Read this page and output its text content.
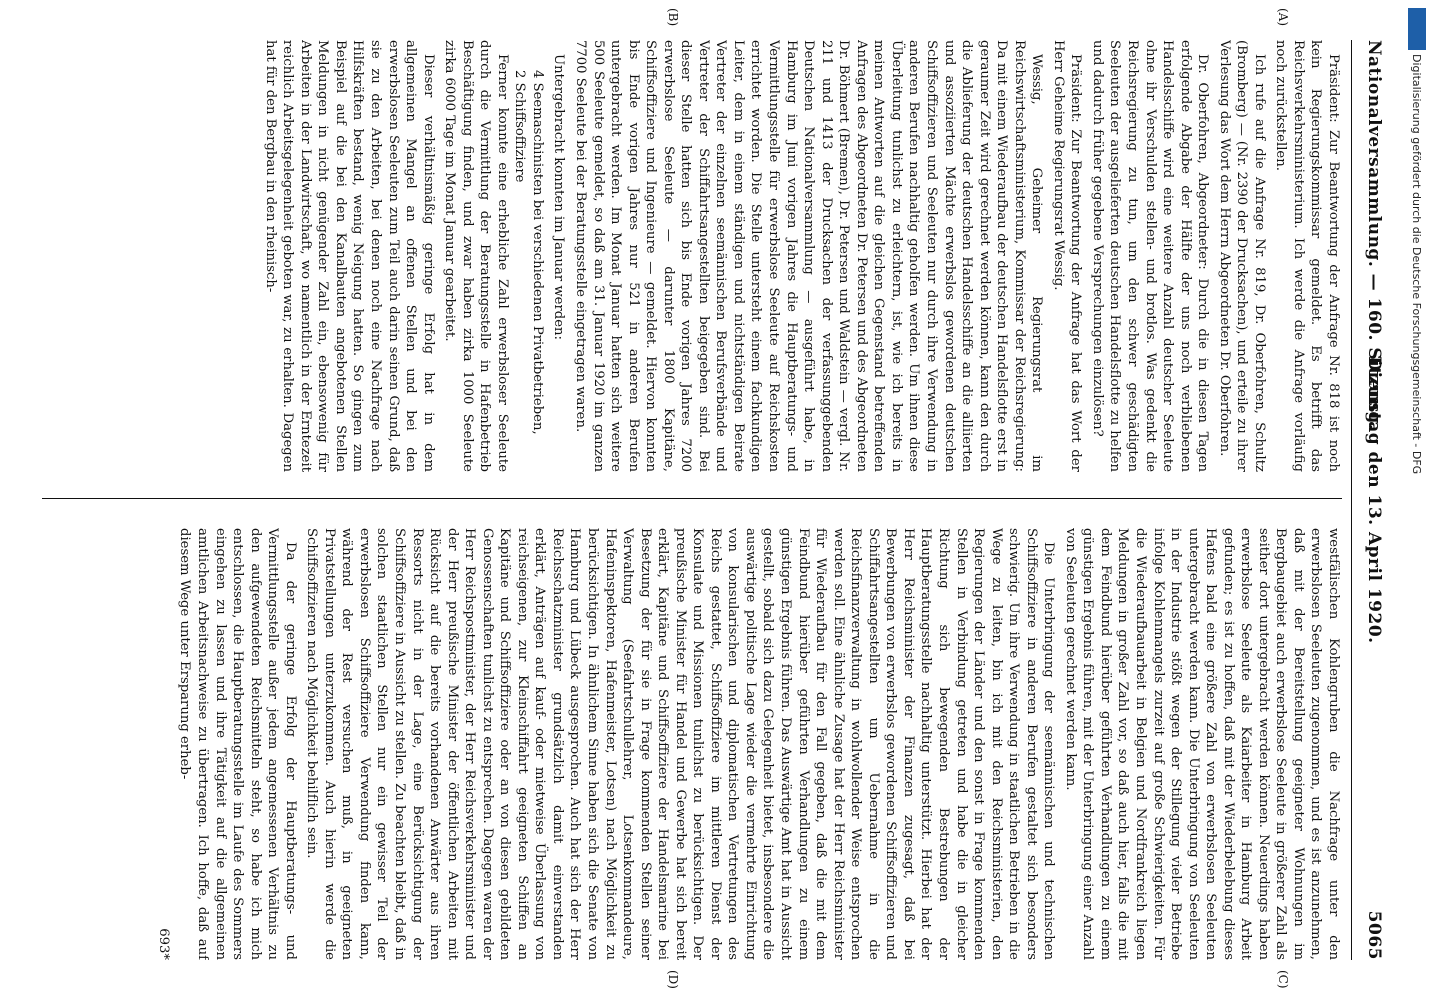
Nationalversammlung. — 160. Sitzung.
Dienstag den 13. April 1920.
5065
(A)
(B)
(C)
(D)

Präsident: Zur Beantwortung der Anfrage Nr. 818 ist noch kein Regierungskommissar gemeldet. Es betrifft das Reichsverkehrsministerium. Ich werde die Anfrage vorläufig noch zurückstellen.

Ich rufe auf die Anfrage Nr. 819, Dr. Oberfohren, Schultz (Bromberg) — (Nr. 2390 der Drucksachen), und erteile zu ihrer Verlesung das Wort dem Herrn Abgeordneten Dr. Oberfohren.

Dr. Oberfohren, Abgeordneter: Durch die in diesen Tagen erfolgende Abgabe der Hälfte der uns noch verbliebenen Handelsschiffe wird eine weitere Anzahl deutscher Seeleute ohne ihr Verschulden stellen- und brotlos. Was gedenkt die Reichsregierung zu tun, um den schwer geschädigten Seeleuten der ausgelieferten deutschen Handelsflotte zu helfen und dadurch früher gegebene Versprechungen einzulösen?

Präsident: Zur Beantwortung der Anfrage hat das Wort der Herr Geheime Regierungsrat Wessig.

Wessig, Geheimer Regierungsrat im Reichswirtschaftsministerium, Kommissar der Reichsregierung: Da mit einem Wiederaufbau der deutschen Handelsflotte erst in geraumer Zeit wird gerechnet werden können, kann den durch die Ablieferung der deutschen Handelsschiffe an die alliierten und assoziierten Mächte erwerbslos gewordenen deutschen Schiffsoffizieren und Seeleuten nur durch ihre Verwendung in anderen Berufen nachhaltig geholfen werden. Um ihnen diese Überleitung tunlichst zu erleichtern, ist, wie ich bereits in meinen Antworten auf die gleichen Gegenstand betreffenden Anfragen des Abgeordneten Dr. Petersen und des Abgeordneten Dr. Böhmert (Bremen), Dr. Petersen und Waldstein — vergl. Nr. 211 und 1413 der Drucksachen der verfassunggebenden Deutschen Nationalversammlung — ausgeführt habe, in Hamburg im Juni vorigen Jahres die Hauptberatungs- und Vermittlungsstelle für erwerbslose Seeleute auf Reichskosten errichtet worden. Die Stelle untersteht einem fachkundigen Leiter, dem in einem ständigen und nichtständigen Beirate Vertreter der einzelnen seemännischen Berufsverbände und Vertreter der Schiffahrtsangestellten beigegeben sind. Bei dieser Stelle hatten sich bis Ende vorigen Jahres 7200 erwerbslose Seeleute — darunter 1800 Kapitäne, Schiffsoffiziere und Ingenieure — gemeldet. Hiervon konnten bis Ende vorigen Jahres nur 521 in anderen Berufen untergebracht werden. Im Monat Januar hatten sich weitere 500 Seeleute gemeldet, so daß am 31. Januar 1920 im ganzen 7700 Seeleute bei der Beratungsstelle eingetragen waren.

Untergebracht konnten im Januar werden:

4 Seemaschinisten bei verschiedenen Privatbetrieben,

2 Schiffsoffiziere

Ferner konnte eine erhebliche Zahl erwerbsloser Seeleute durch die Vermittlung der Beratungsstelle in Hafenbetrieb Beschäftigung finden, und zwar haben zirka 1000 Seeleute zirka 6000 Tage im Monat Januar gearbeitet.

Dieser verhältnismäßig geringe Erfolg hat in dem allgemeinen Mangel an offenen Stellen und bei den erwerbslosen Seeleuten zum Teil auch darin seinen Grund, daß sie zu den Arbeiten, bei denen noch eine Nachfrage nach Hilfskräften bestand, wenig Neigung hatten. So gingen zum Beispiel auf die bei den Kanalbauten angebotenen Stellen Meldungen in nicht genügender Zahl ein, ebensowenig für Arbeiten in der Landwirtschaft, wo namentlich in der Erntezeit reichlich Arbeitsgelegenheit geboten war, zu erhalten. Dagegen hat für den Bergbau in den rheinisch-

westfälischen Kohlengruben die Nachfrage unter den erwerbslosen Seeleuten zugenommen, und es ist anzunehmen, daß mit der Bereitstellung geeigneter Wohnungen im Bergbaugebiet auch erwerbslose Seeleute in größerer Zahl als seither dort untergebracht werden können. Neuerdings haben erwerbslose Seeleute als Kaiarbeiter in Hamburg Arbeit gefunden; es ist zu hoffen, daß mit der Wiederbelebung dieses Hafens bald eine größere Zahl von erwerbslosen Seeleuten untergebracht werden kann. Die Unterbringung von Seeleuten in der Industrie stößt wegen der Stillegung vieler Betriebe infolge Kohlenmangels zurzeit auf große Schwierigkeiten. Für die Wiederaufbauarbeit in Belgien und Nordfrankreich liegen Meldungen in großer Zahl vor, so daß auch hier, falls die mit dem Feindbund hierüber geführten Verhandlungen zu einem günstigen Ergebnis führen, mit der Unterbringung einer Anzahl von Seeleuten gerechnet werden kann.

Die Unterbringung der seemännischen und technischen Schiffsoffiziere in anderen Berufen gestaltet sich besonders schwierig. Um ihre Verwendung in staatlichen Betrieben in die Wege zu leiten, bin ich mit den Reichsministerien, den Regierungen der Länder und den sonst in Frage kommenden Stellen in Verbindung getreten und habe die in gleicher Richtung sich bewegenden Bestrebungen der Hauptberatungsstelle nachhaltig unterstützt. Hierbei hat der Herr Reichsminister der Finanzen zugesagt, daß bei Bewerbungen von erwerbslos gewordenen Schiffsoffizieren und Schiffahrtsangestellten um Uebernahme in die Reichsfinanzverwaltung in wohlwollender Weise entsprochen werden soll. Eine ähnliche Zusage hat der Herr Reichsminister für Wiederaufbau für den Fall gegeben, daß die mit dem Feindbund hierüber geführten Verhandlungen zu einem günstigen Ergebnis führen. Das Auswärtige Amt hat in Aussicht gestellt, sobald sich dazu Gelegenheit bietet, insbesondere die auswärtige politische Lage wieder die vermehrte Einrichtung von konsularischen und diplomatischen Vertretungen des Reichs gestattet, Schiffsoffiziere im mittleren Dienst der Konsulate und Missionen tunlichst zu berücksichtigen. Der preußische Minister für Handel und Gewerbe hat sich bereit erklärt, Kapitäne und Schiffsoffiziere der Handelsmarine bei Besetzung der für sie in Frage kommenden Stellen seiner Verwaltung (Seefahrtschullehrer, Lotsenkommandeure, Hafeninspektoren, Hafenmeister, Lotsen) nach Möglichkeit zu berücksichtigen. In ähnlichem Sinne haben sich die Senate von Hamburg und Lübeck ausgesprochen. Auch hat sich der Herr Reichsschatzminister grundsätzlich damit einverstanden erklärt, Anträgen auf kauf- oder mietweise Überlassung von reichseigenen, zur Kleinschiffahrt geeigneten Schiffen an Kapitäne und Schiffsoffiziere oder an von diesen gebildeten Genossenschaften tunlichst zu entsprechen. Dagegen waren der Herr Reichspostminister, der Herr Reichsverkehrsminister und der Herr preußische Minister der öffentlichen Arbeiten mit Rücksicht auf die bereits vorhandenen Anwärter aus ihren Ressorts nicht in der Lage, eine Berücksichtigung der Schiffsoffiziere in Aussicht zu stellen. Zu beachten bleibt, daß in solchen staatlichen Stellen nur ein gewisser Teil der erwerbslosen Schiffsoffiziere Verwendung finden kann, während der Rest versuchen muß, in geeigneten Privatstellungen unterzukommen. Auch hierin werde die Schiffsoffizieren nach Möglichkeit behilflich sein.

Da der geringe Erfolg der Hauptberatungs- und Vermittlungsstelle außer jedem angemessenen Verhältnis zu den aufgewendeten Reichsmitteln steht, so habe ich mich entschlossen, die Hauptberatungsstelle im Laufe des Sommers eingehen zu lassen und ihre Tätigkeit auf die allgemeinen amtlichen Arbeitsnachweise zu übertragen. Ich hoffe, daß auf diesem Wege unter Ersparung erheb-

693*

Digitalisierung gefördert durch die Deutsche Forschungsgemeinschaft - DFG
